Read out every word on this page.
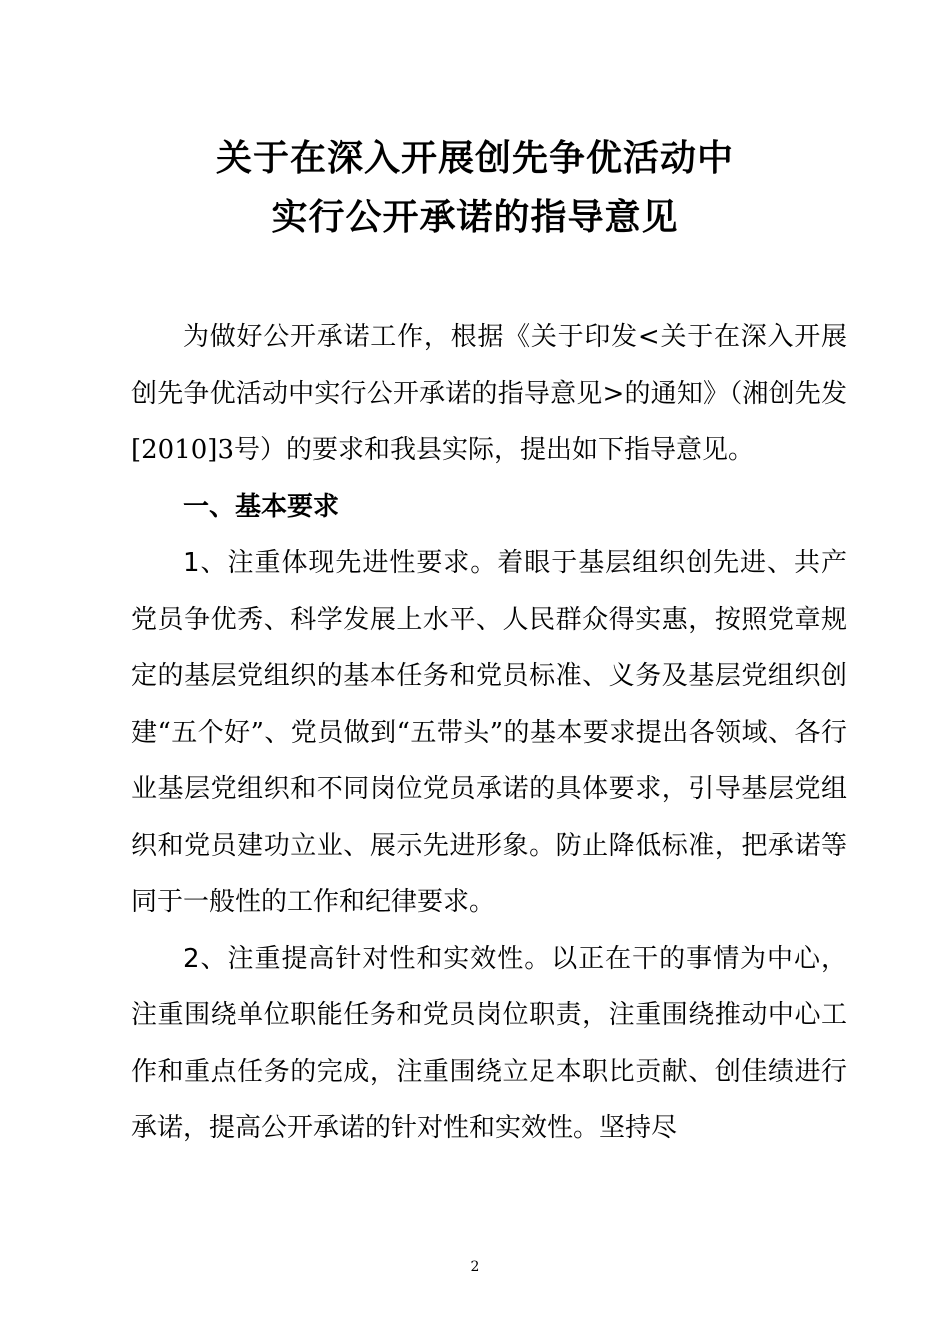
关于在深入开展创先争优活动中
实行公开承诺的指导意见

为做好公开承诺工作，根据《关于印发<关于在深入开展创先争优活动中实行公开承诺的指导意见>的通知》（湘创先发[2010]3号）的要求和我县实际，提出如下指导意见。

一、基本要求

1、注重体现先进性要求。着眼于基层组织创先进、共产党员争优秀、科学发展上水平、人民群众得实惠，按照党章规定的基层党组织的基本任务和党员标准、义务及基层党组织创建“五个好”、党员做到“五带头”的基本要求提出各领域、各行业基层党组织和不同岗位党员承诺的具体要求，引导基层党组织和党员建功立业、展示先进形象。防止降低标准，把承诺等同于一般性的工作和纪律要求。

2、注重提高针对性和实效性。以正在干的事情为中心，注重围绕单位职能任务和党员岗位职责，注重围绕推动中心工作和重点任务的完成，注重围绕立足本职比贡献、创佳绩进行承诺，提高公开承诺的针对性和实效性。坚持尽

2
